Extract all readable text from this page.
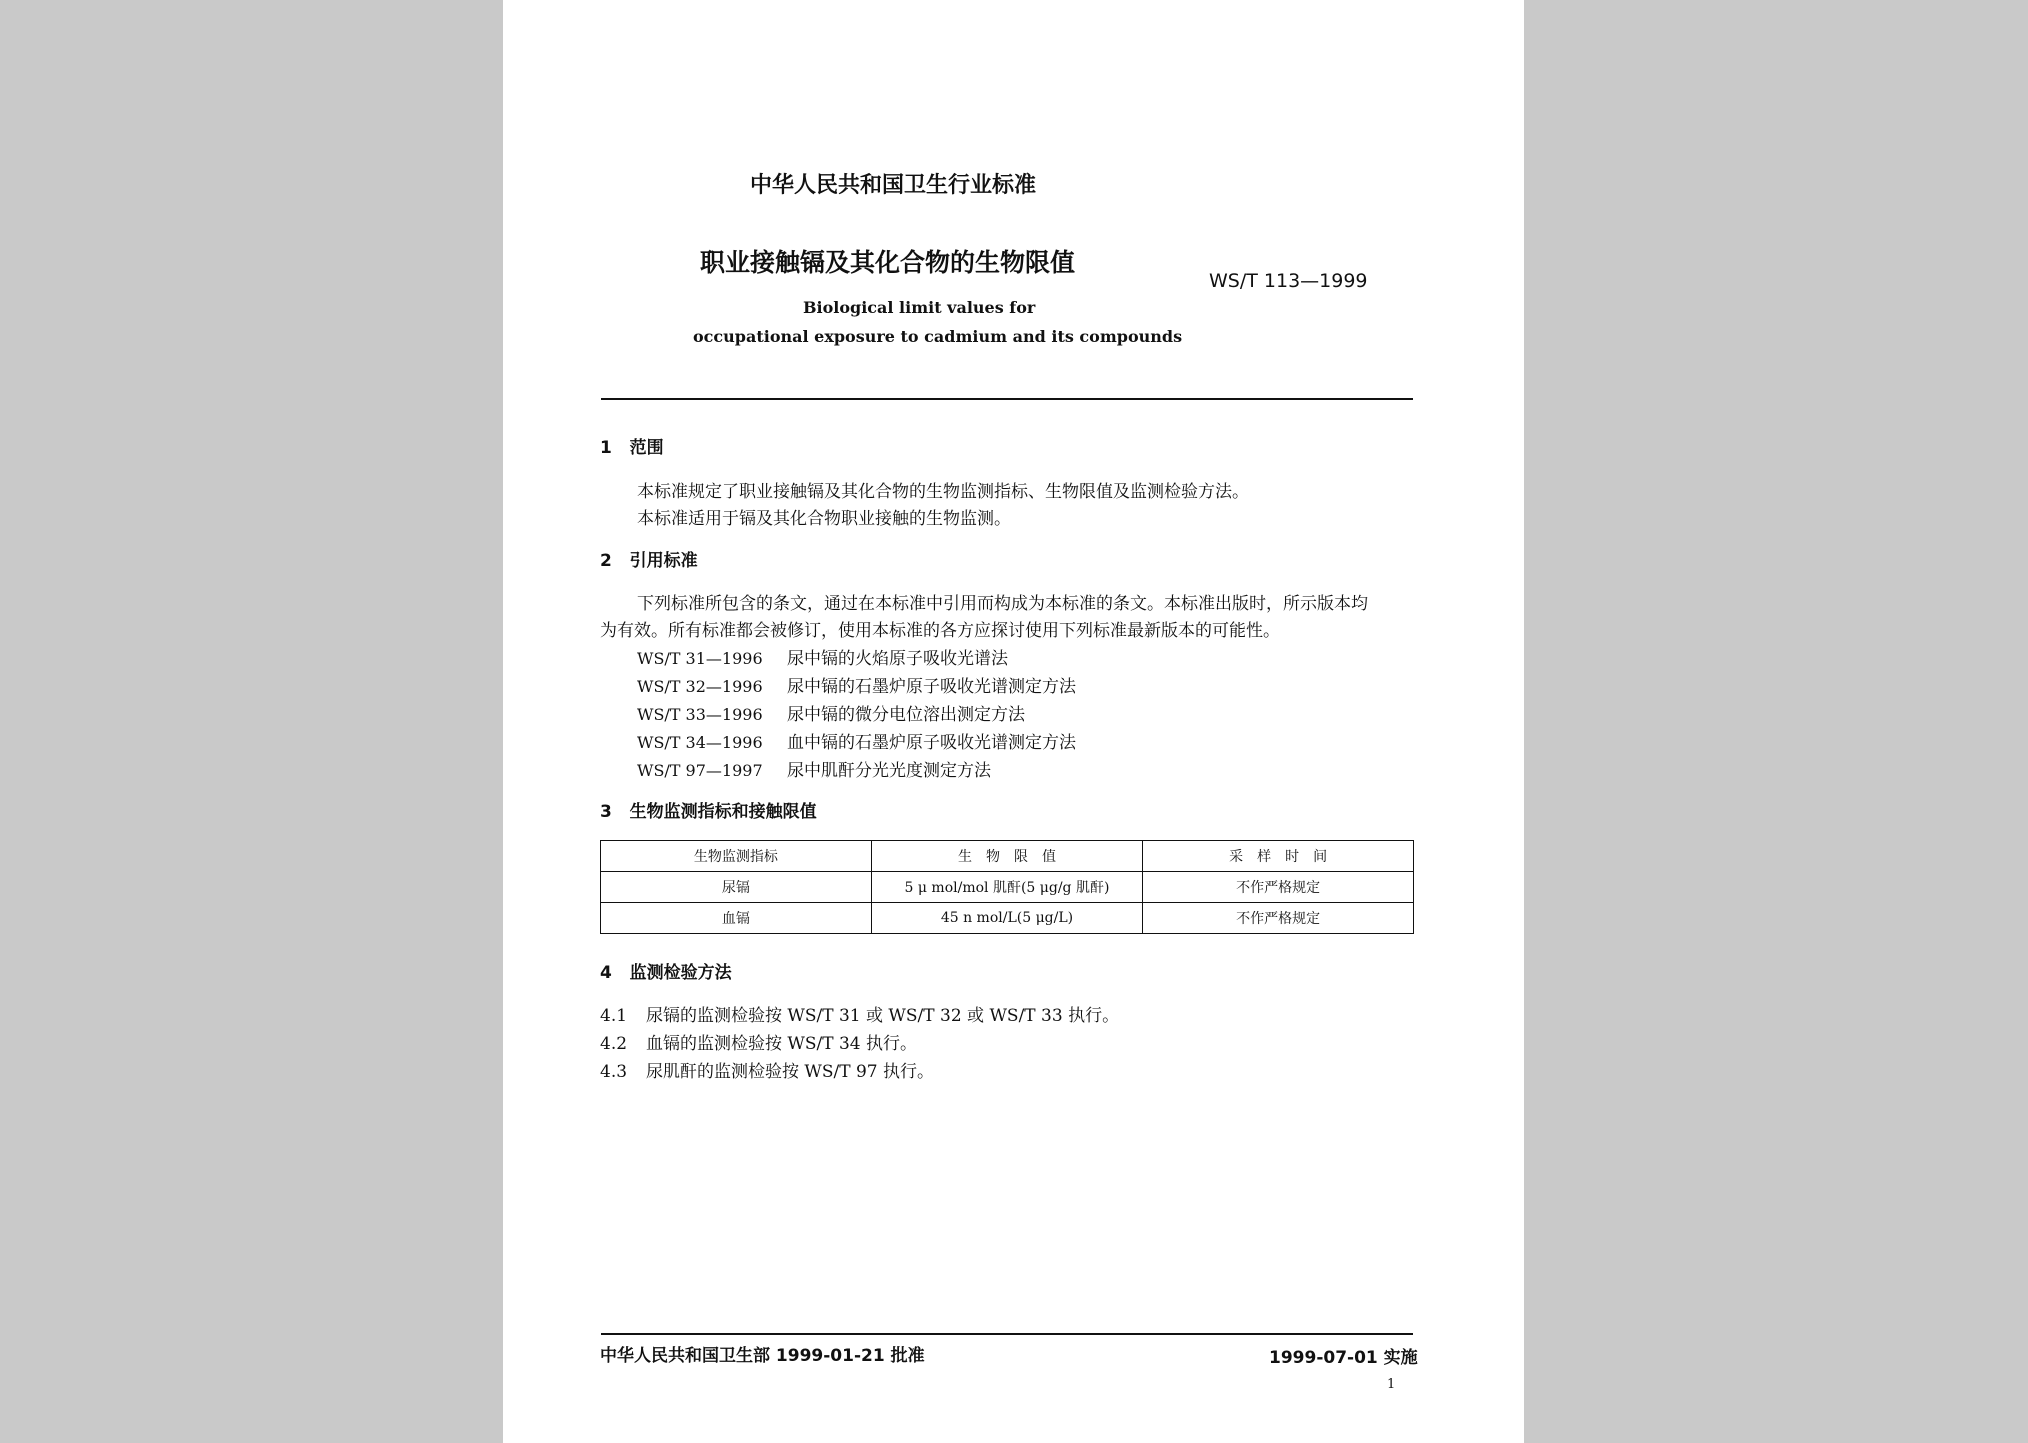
中华人民共和国卫生行业标准
职业接触镉及其化合物的生物限值
WS/T 113—1999
Biological limit values for
occupational exposure to cadmium and its compounds
1 范围
本标准规定了职业接触镉及其化合物的生物监测指标、生物限值及监测检验方法。
本标准适用于镉及其化合物职业接触的生物监测。
2 引用标准
下列标准所包含的条文，通过在本标准中引用而构成为本标准的条文。本标准出版时，所示版本均
为有效。所有标准都会被修订，使用本标准的各方应探讨使用下列标准最新版本的可能性。
WS/T 31—1996 尿中镉的火焰原子吸收光谱法
WS/T 32—1996 尿中镉的石墨炉原子吸收光谱测定方法
WS/T 33—1996 尿中镉的微分电位溶出测定方法
WS/T 34—1996 血中镉的石墨炉原子吸收光谱测定方法
WS/T 97—1997 尿中肌酐分光光度测定方法
3 生物监测指标和接触限值
生物监测指标	生　物　限　值	采　样　时　间
尿镉	5 μ mol/mol 肌酐(5 μg/g 肌酐)	不作严格规定
血镉	45 n mol/L(5 μg/L)	不作严格规定
4 监测检验方法
4.1 尿镉的监测检验按 WS/T 31 或 WS/T 32 或 WS/T 33 执行。
4.2 血镉的监测检验按 WS/T 34 执行。
4.3 尿肌酐的监测检验按 WS/T 97 执行。
中华人民共和国卫生部 1999-01-21 批准	1999-07-01 实施
1
